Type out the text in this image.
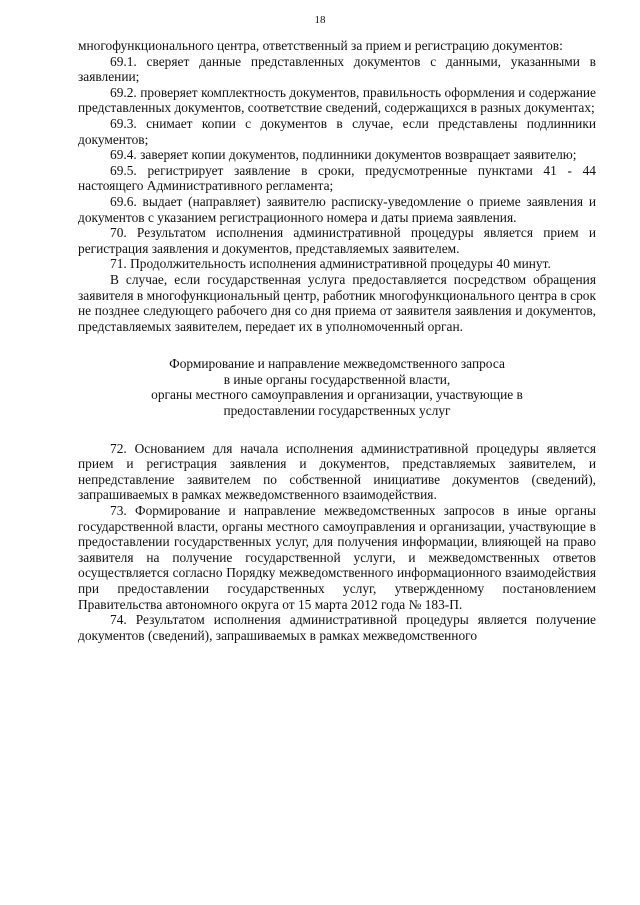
18

многофункционального центра, ответственный за прием и регистрацию документов:

69.1. сверяет данные представленных документов с данными, указанными в заявлении;

69.2. проверяет комплектность документов, правильность оформления и содержание представленных документов, соответствие сведений, содержащихся в разных документах;

69.3. снимает копии с документов в случае, если представлены подлинники документов;

69.4. заверяет копии документов, подлинники документов возвращает заявителю;

69.5. регистрирует заявление в сроки, предусмотренные пунктами 41 - 44 настоящего Административного регламента;

69.6. выдает (направляет) заявителю расписку-уведомление о приеме заявления и документов с указанием регистрационного номера и даты приема заявления.

70. Результатом исполнения административной процедуры является прием и регистрация заявления и документов, представляемых заявителем.

71. Продолжительность исполнения административной процедуры 40 минут.

В случае, если государственная услуга предоставляется посредством обращения заявителя в многофункциональный центр, работник многофункционального центра в срок не позднее следующего рабочего дня со дня приема от заявителя заявления и документов, представляемых заявителем, передает их в уполномоченный орган.

Формирование и направление межведомственного запроса
в иные органы государственной власти,
органы местного самоуправления и организации, участвующие в
предоставлении государственных услуг

72. Основанием для начала исполнения административной процедуры является прием и регистрация заявления и документов, представляемых заявителем, и непредставление заявителем по собственной инициативе документов (сведений), запрашиваемых в рамках межведомственного взаимодействия.

73. Формирование и направление межведомственных запросов в иные органы государственной власти, органы местного самоуправления и организации, участвующие в предоставлении государственных услуг, для получения информации, влияющей на право заявителя на получение государственной услуги, и межведомственных ответов осуществляется согласно Порядку межведомственного информационного взаимодействия при предоставлении государственных услуг, утвержденному постановлением Правительства автономного округа от 15 марта 2012 года № 183-П.

74. Результатом исполнения административной процедуры является получение документов (сведений), запрашиваемых в рамках межведомственного
